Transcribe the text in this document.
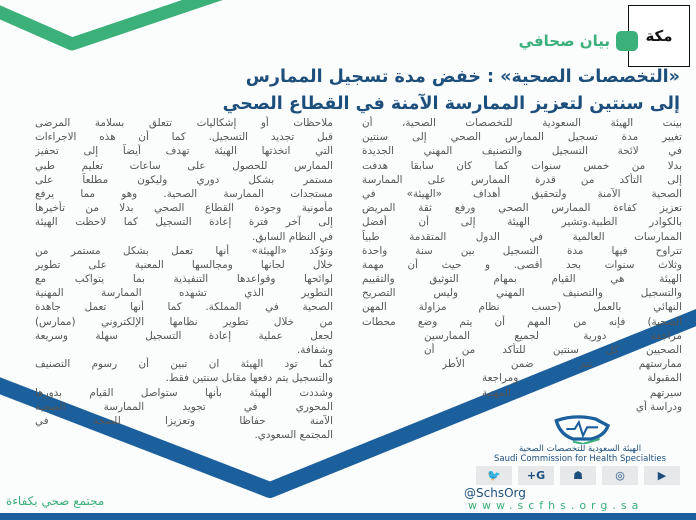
مكة
بيان صحافي
«التخصصات الصحية» : خفض مدة تسجيل الممارس
إلى سنتين لتعزيز الممارسة الآمنة في القطاع الصحي
بينت الهيئة السعودية للتخصصات الصحية، أن
تغيير مدة تسجيل الممارس الصحي إلى سنتين
في لائحة التسجيل والتصنيف المهني الجديدة
بدلا من خمس سنوات كما كان سابقا هدفت
إلى التأكد من قدرة الممارس على الممارسة
الصحية الآمنة ولتحقيق أهداف «الهيئة» في
تعزيز كفاءة الممارس الصحي ورفع ثقة المريض
بالكوادر الطبية.وتشير الهيئة إلى أن أفضل
الممارسات العالمية في الدول المتقدمة طبياً
تتراوح فيها مدة التسجيل بين سنة واحدة
وثلاث سنوات بحد أقصى. و حيث أن مهمة
الهيئة هي القيام بمهام التوثيق والتقييم
والتسجيل والتصنيف المهني وليس التصريح
النهائي بالعمل (حسب نظام مزاولة المهن
الصحية) فإنه من المهم أن يتم وضع محطات
مراجعة دورية لجميع الممارسين
الصحيين كل سنتين للتأكد من أن
ممارستهم تتم ضمن الأطر
المقبولة ومراجعة
سيرتهم المهنية
ودراسة أي
ملاحظات أو إشكاليات تتعلق بسلامة المرضى
قبل تجديد التسجيل. كما أن هذه الاجراءات
التي اتخذتها الهيئة تهدف أيضاً إلى تحفيز
الممارس للحصول على ساعات تعليم طبي
مستمر بشكل دوري وليكون مطلعاً على
مستجدات الممارسة الصحية. وهو مما يرفع
مأمونية وجودة القطاع الصحي بدلا من تأخيرها
إلى آخر فترة إعادة التسجيل كما لاحظت الهيئة
في النظام السابق.
وتؤكد «الهيئة» أنها تعمل بشكل مستمر من
خلال لجانها ومجالسها المعنية على تطوير
لوائحها وقواعدها التنفيذية بما يتواكب مع
التطوير الذي تشهده الممارسة المهنية
الصحية في المملكة. كما أنها تعمل جاهدة
من خلال تطوير نظامها الإلكتروني (ممارس)
لجعل عملية إعادة التسجيل سهلة وسريعة
وشفافة.
كما تود الهيئة ان تبين أن رسوم التصنيف
والتسجيل يتم دفعها مقابل سنتين فقط.
وشددت الهيئة بأنها ستواصل القيام بدورها
المحوري في تجويد الممارسة الصحية
الآمنة حفاظا وتعزيزا للصحة في
المجتمع السعودي.
الهيئة السعودية للتخصصات الصحية
Saudi Commission for Health Specialties
▶
◎
☗
G+
🐦
@SchsOrg
www.scfhs.org.sa
مجتمع صحي بكفاءة
